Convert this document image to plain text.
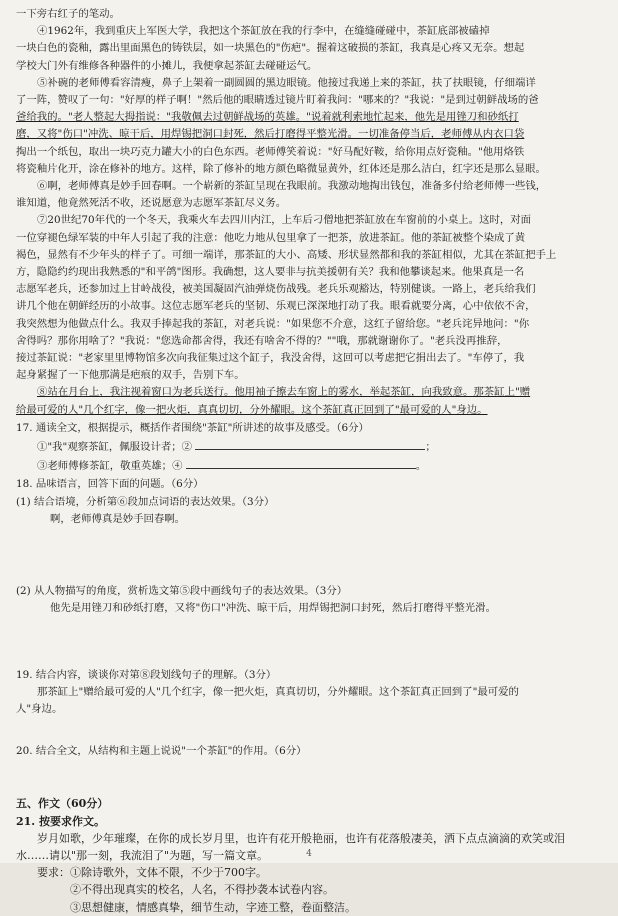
一下旁右红子的笔动。
④1962年，我到重庆上军医大学，我把这个茶缸放在我的行李中，在缝缝碰碰中，茶缸底部被磕掉
一块白色的瓷釉，露出里面黑色的铸铁层，如一块黑色的"伤疤"。握着这破损的茶缸，我真是心疼又无奈。想起
学校大门外有维修各种器件的小摊儿，我便拿起茶缸去碰碰运气。
⑤补碗的老师傅看容清瘦，鼻子上架着一副圆圆的黑边眼镜。他接过我递上来的茶缸，扶了扶眼镜，仔细端详
了一阵，赞叹了一句："好厚的样子啊！"然后他的眼睛透过镜片盯着我问："哪来的？"我说："是到过朝鲜战场的爸
爸给我的。"老人整起大拇指说："我敬佩去过朝鲜战场的英雄。"说着就利索地忙起来，他先是用锉刀和砂纸打
磨，又将"伤口"冲洗、晾干后，用焊锡把洞口封死，然后打磨得平整光滑。一切准备停当后，老师傅从内衣口袋
掏出一个纸包，取出一块巧克力罐大小的白色东西。老师傅笑着说："好马配好鞍，给你用点好瓷釉。"他用烙铁
将瓷釉片化开，涂在修补的地方。这样，除了修补的地方颜色略微显黄外，红体还是那么洁白，红字还是那么显眼。
⑥啊，老师傅真是妙手回春啊。一个崭新的茶缸呈现在我眼前。我激动地掏出钱包，准备多付给老师傅一些钱，
谁知道，他竟然死活不收，还说愿意为志愿军茶缸尽义务。
⑦20世纪70年代的一个冬天，我乘火车去四川内江，上车后刁僧地把茶缸放在车窗前的小桌上。这时，对面
一位穿褪色绿军装的中年人引起了我的注意：他吃力地从包里拿了一把茶，放进茶缸。他的茶缸被整个染成了黄
褐色，显然有不少年头的样子了。可细一端详，那茶缸的大小、高矮、形状显然都和我的茶缸相似，尤其在茶缸把手上
方，隐隐约约现出我熟悉的"和平鸽"图形。我确想，这人要非与抗美援朝有关？我和他攀谈起来。他果真是一名
志愿军老兵，还参加过上甘岭战役，被美国凝固汽油弹烧伤战残。老兵乐观豁达，特别健谈。一路上，老兵给我们
讲几个他在朝鲜经历的小故事。这位志愿军老兵的坚韧、乐观已深深地打动了我。眼看就要分离，心中依依不舍，
我突然想为他做点什么。我双手捧起我的茶缸，对老兵说："如果您不介意，这红子留给您。"老兵诧异地问："你
舍得吗？那你用啥了？"我说："您选命都舍得，我还有啥舍不得的？""哦，那就谢谢你了。"老兵没再推辞，
接过茶缸说："老家里里博物馆多次向我征集过这个缸子，我没舍得，这回可以考虑把它捐出去了。"车停了，我
起身紧握了一下他那满是疤痕的双手，告别下车。
⑧站在月台上，我注视着窗口为老兵送行。他用袖子擦去车窗上的雾水，举起茶缸，向我致意。那茶缸上"赠
给最可爱的人"几个红字，像一把火炬，真真切切，分外耀眼。这个茶缸真正回到了"最可爱的人"身边。
17. 通读全文，根据提示，概括作者围绕"茶缸"所讲述的故事及感受。（6分）
①"我"观察茶缸，佩服设计者；②	；
③老师傅修茶缸，敬重英雄；④	。
18. 品味语言，回答下面的问题。（6分）
(1) 结合语境，分析第⑥段加点词语的表达效果。（3分）
啊，老师傅真是妙手回春啊。
(2) 从人物描写的角度，赏析选文第⑤段中画线句子的表达效果。（3分）
他先是用锉刀和砂纸打磨，又将"伤口"冲洗、晾干后，用焊锡把洞口封死，然后打磨得平整光滑。
19. 结合内容，谈谈你对第⑧段划线句子的理解。（3分）
那茶缸上"赠给最可爱的人"几个红字，像一把火炬，真真切切，分外耀眼。这个茶缸真正回到了"最可爱的
人"身边。
20. 结合全文，从结构和主题上说说"一个茶缸"的作用。（6分）
五、作文（60分）
21. 按要求作文。
岁月如歌，少年璀璨，在你的成长岁月里，也许有花开般艳丽，也许有花落般凄美，洒下点点滴滴的欢笑或泪
水……请以"那一刻，我流泪了"为题，写一篇文章。
要求：①除诗歌外，文体不限，不少于700字。
②不得出现真实的校名，人名，不得抄袭本试卷内容。
③思想健康，情感真挚，细节生动，字迹工整，卷面整洁。
4
